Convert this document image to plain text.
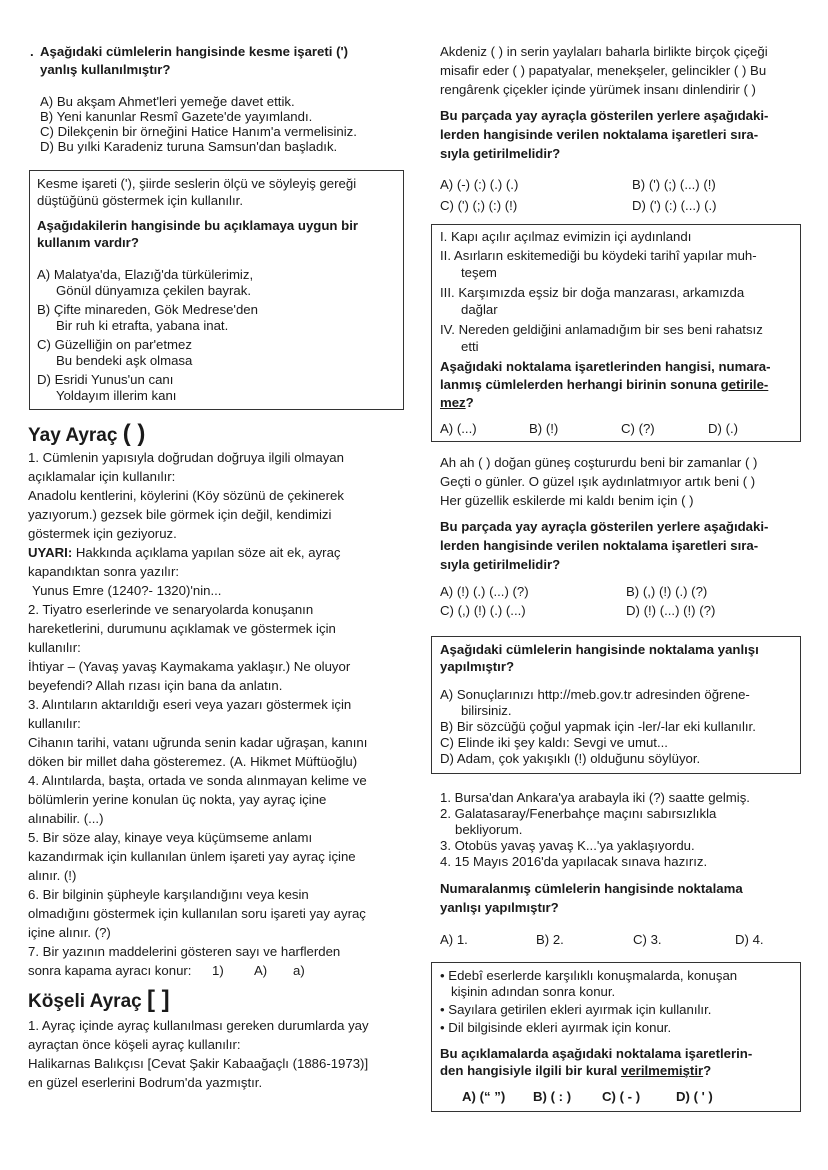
. Aşağıdaki cümlelerin hangisinde kesme işareti (')
yanlış kullanılmıştır?
A) Bu akşam Ahmet'leri yemeğe davet ettik.
B) Yeni kanunlar Resmî Gazete'de yayımlandı.
C) Dilekçenin bir örneğini Hatice Hanım'a vermelisiniz.
D) Bu yılki Karadeniz turuna Samsun'dan başladık.
Kesme işareti ('), şiirde seslerin ölçü ve söyleyiş gereği
düştüğünü göstermek için kullanılır.
Aşağıdakilerin hangisinde bu açıklamaya uygun bir
kullanım vardır?
A) Malatya'da, Elazığ'da türkülerimiz,
Gönül dünyamıza çekilen bayrak.
B) Çifte minareden, Gök Medrese'den
Bir ruh ki etrafta, yabana inat.
C) Güzelliğin on par'etmez
Bu bendeki aşk olmasa
D) Esridi Yunus'un canı
Yoldayım illerim kanı
Yay Ayraç ( )
1. Cümlenin yapısıyla doğrudan doğruya ilgili olmayan
açıklamalar için kullanılır:
Anadolu kentlerini, köylerini (Köy sözünü de çekinerek
yazıyorum.) gezsek bile görmek için değil, kendimizi
göstermek için geziyoruz.
UYARI: Hakkında açıklama yapılan söze ait ek, ayraç
kapandıktan sonra yazılır:
Yunus Emre (1240?- 1320)'nin...
2. Tiyatro eserlerinde ve senaryolarda konuşanın
hareketlerini, durumunu açıklamak ve göstermek için
kullanılır:
İhtiyar – (Yavaş yavaş Kaymakama yaklaşır.) Ne oluyor
beyefendi? Allah rızası için bana da anlatın.
3. Alıntıların aktarıldığı eseri veya yazarı göstermek için
kullanılır:
Cihanın tarihi, vatanı uğrunda senin kadar uğraşan, kanını
döken bir millet daha gösteremez. (A. Hikmet Müftüoğlu)
4. Alıntılarda, başta, ortada ve sonda alınmayan kelime ve
bölümlerin yerine konulan üç nokta, yay ayraç içine
alınabilir. (...)
5. Bir söze alay, kinaye veya küçümseme anlamı
kazandırmak için kullanılan ünlem işareti yay ayraç içine
alınır. (!)
6. Bir bilginin şüpheyle karşılandığını veya kesin
olmadığını göstermek için kullanılan soru işareti yay ayraç
içine alınır. (?)
7. Bir yazının maddelerini gösteren sayı ve harflerden
sonra kapama ayracı konur: 1) A) a)
Köşeli Ayraç [ ]
1. Ayraç içinde ayraç kullanılması gereken durumlarda yay
ayraçtan önce köşeli ayraç kullanılır:
Halikarnas Balıkçısı [Cevat Şakir Kabaağaçlı (1886-1973)]
en güzel eserlerini Bodrum'da yazmıştır.
Akdeniz ( ) in serin yaylaları baharla birlikte birçok çiçeği
misafir eder ( ) papatyalar, menekşeler, gelincikler ( ) Bu
rengârenk çiçekler içinde yürümek insanı dinlendirir ( )
Bu parçada yay ayraçla gösterilen yerlere aşağıdaki-
lerden hangisinde verilen noktalama işaretleri sıra-
sıyla getirilmelidir?
A) (-) (:) (.) (.)	B) (') (;) (...) (!)
C) (') (;) (:) (!)	D) (') (:) (...) (.)
I. Kapı açılır açılmaz evimizin içi aydınlandı
II. Asırların eskitemediği bu köydeki tarihî yapılar muh-
teşem
III. Karşımızda eşsiz bir doğa manzarası, arkamızda
dağlar
IV. Nereden geldiğini anlamadığım bir ses beni rahatsız
etti
Aşağıdaki noktalama işaretlerinden hangisi, numara-
lanmış cümlelerden herhangi birinin sonuna getirile-
mez?
A) (...)	B) (!)	C) (?)	D) (.)
Ah ah ( ) doğan güneş coştururdu beni bir zamanlar ( )
Geçti o günler. O güzel ışık aydınlatmıyor artık beni ( )
Her güzellik eskilerde mi kaldı benim için ( )
Bu parçada yay ayraçla gösterilen yerlere aşağıdaki-
lerden hangisinde verilen noktalama işaretleri sıra-
sıyla getirilmelidir?
A) (!) (.) (...) (?)	B) (,) (!) (.) (?)
C) (,) (!) (.) (...)	D) (!) (...) (!) (?)
Aşağıdaki cümlelerin hangisinde noktalama yanlışı
yapılmıştır?
A) Sonuçlarınızı http://meb.gov.tr adresinden öğrene-
bilirsiniz.
B) Bir sözcüğü çoğul yapmak için -ler/-lar eki kullanılır.
C) Elinde iki şey kaldı: Sevgi ve umut...
D) Adam, çok yakışıklı (!) olduğunu söylüyor.
1. Bursa'dan Ankara'ya arabayla iki (?) saatte gelmiş.
2. Galatasaray/Fenerbahçe maçını sabırsızlıkla
bekliyorum.
3. Otobüs yavaş yavaş K...'ya yaklaşıyordu.
4. 15 Mayıs 2016'da yapılacak sınava hazırız.
Numaralanmış cümlelerin hangisinde noktalama
yanlışı yapılmıştır?
A) 1.	B) 2.	C) 3.	D) 4.
• Edebî eserlerde karşılıklı konuşmalarda, konuşan
kişinin adından sonra konur.
• Sayılara getirilen ekleri ayırmak için kullanılır.
• Dil bilgisinde ekleri ayırmak için konur.
Bu açıklamalarda aşağıdaki noktalama işaretlerin-
den hangisiyle ilgili bir kural verilmemiştir?
A) (“ ”) B) ( : ) C) ( - )	D) ( ' )
